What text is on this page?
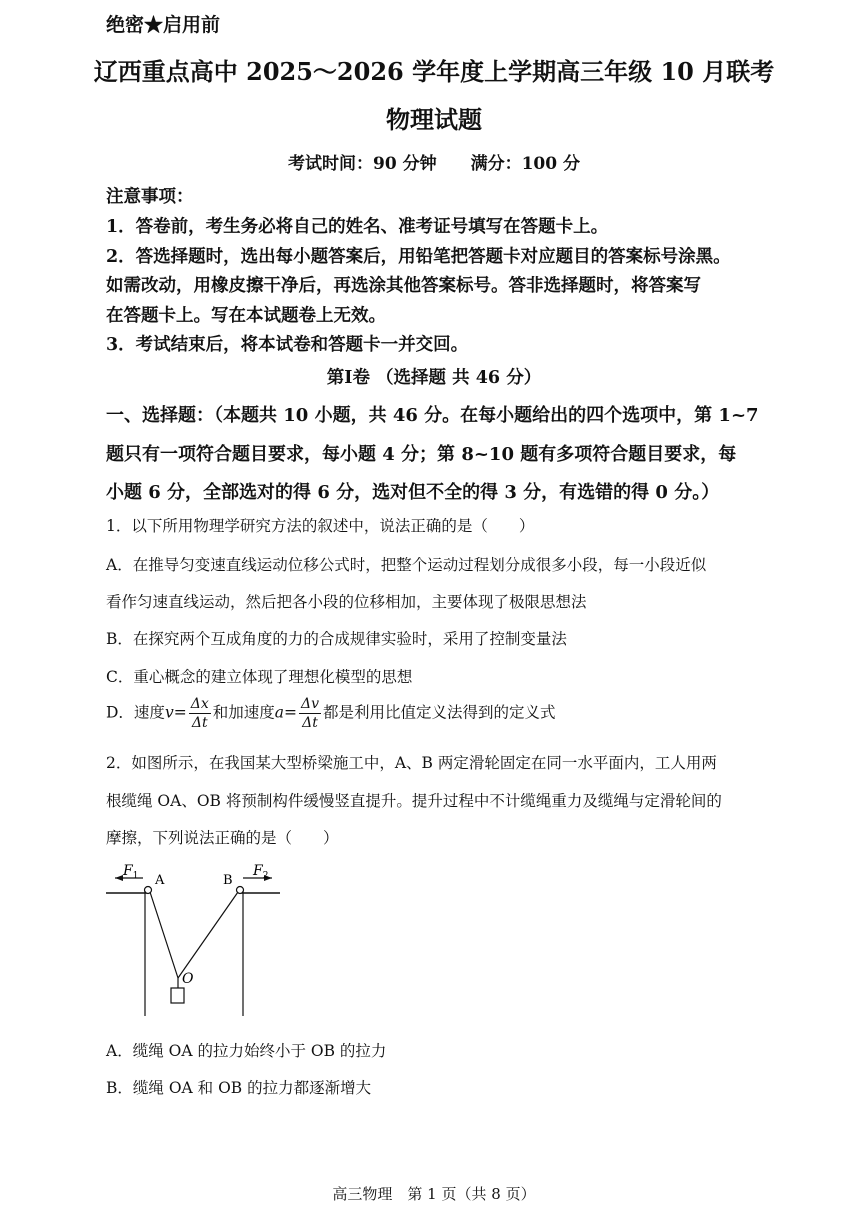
绝密★启用前
辽西重点高中 2025～2026 学年度上学期高三年级 10 月联考
物理试题
考试时间：90 分钟 满分：100 分
注意事项：
1．答卷前，考生务必将自己的姓名、准考证号填写在答题卡上。
2．答选择题时，选出每小题答案后，用铅笔把答题卡对应题目的答案标号涂黑。
如需改动，用橡皮擦干净后，再选涂其他答案标号。答非选择题时，将答案写
在答题卡上。写在本试题卷上无效。
3．考试结束后，将本试卷和答题卡一并交回。
第Ⅰ卷 （选择题 共 46 分）
一、选择题：（本题共 10 小题，共 46 分。在每小题给出的四个选项中，第 1~7
题只有一项符合题目要求，每小题 4 分；第 8~10 题有多项符合题目要求，每
小题 6 分，全部选对的得 6 分，选对但不全的得 3 分，有选错的得 0 分。）
1．以下所用物理学研究方法的叙述中，说法正确的是（　　）
A．在推导匀变速直线运动位移公式时，把整个运动过程划分成很多小段，每一小段近似
看作匀速直线运动，然后把各小段的位移相加，主要体现了极限思想法
B．在探究两个互成角度的力的合成规律实验时，采用了控制变量法
C．重心概念的建立体现了理想化模型的思想
D．速度$v= \frac{\Delta x}{\Delta t}$ 和加速度$a= \frac{\Delta v}{\Delta t}$ 都是利用比值定义法得到的定义式
2．如图所示，在我国某大型桥梁施工中，A、B 两定滑轮固定在同一水平面内，工人用两
根缆绳 OA、OB 将预制构件缓慢竖直提升。提升过程中不计缆绳重力及缆绳与定滑轮间的
摩擦，下列说法正确的是（　　）
$F_1$ A	B
$F_2$
O
A．缆绳 OA 的拉力始终小于 OB 的拉力
B．缆绳 OA 和 OB 的拉力都逐渐增大
高三物理　第 1 页（共 8 页）
